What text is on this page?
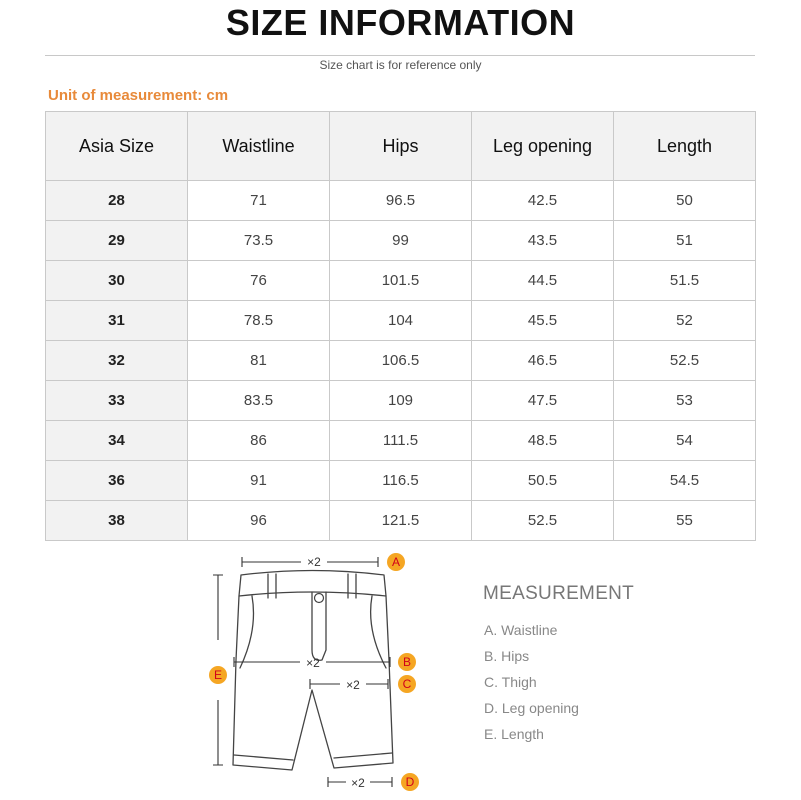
SIZE INFORMATION
Size chart is for reference only
Unit of measurement: cm
Asia Size	Waistline	Hips	Leg opening	Length
28	71	96.5	42.5	50
29	73.5	99	43.5	51
30	76	101.5	44.5	51.5
31	78.5	104	45.5	52
32	81	106.5	46.5	52.5
33	83.5	109	47.5	53
34	86	111.5	48.5	54
36	91	116.5	50.5	54.5
38	96	121.5	52.5	55
×2
×2
×2
×2
A
B
C
D
E
MEASUREMENT
A. Waistline
B. Hips
C. Thigh
D. Leg opening
E. Length
